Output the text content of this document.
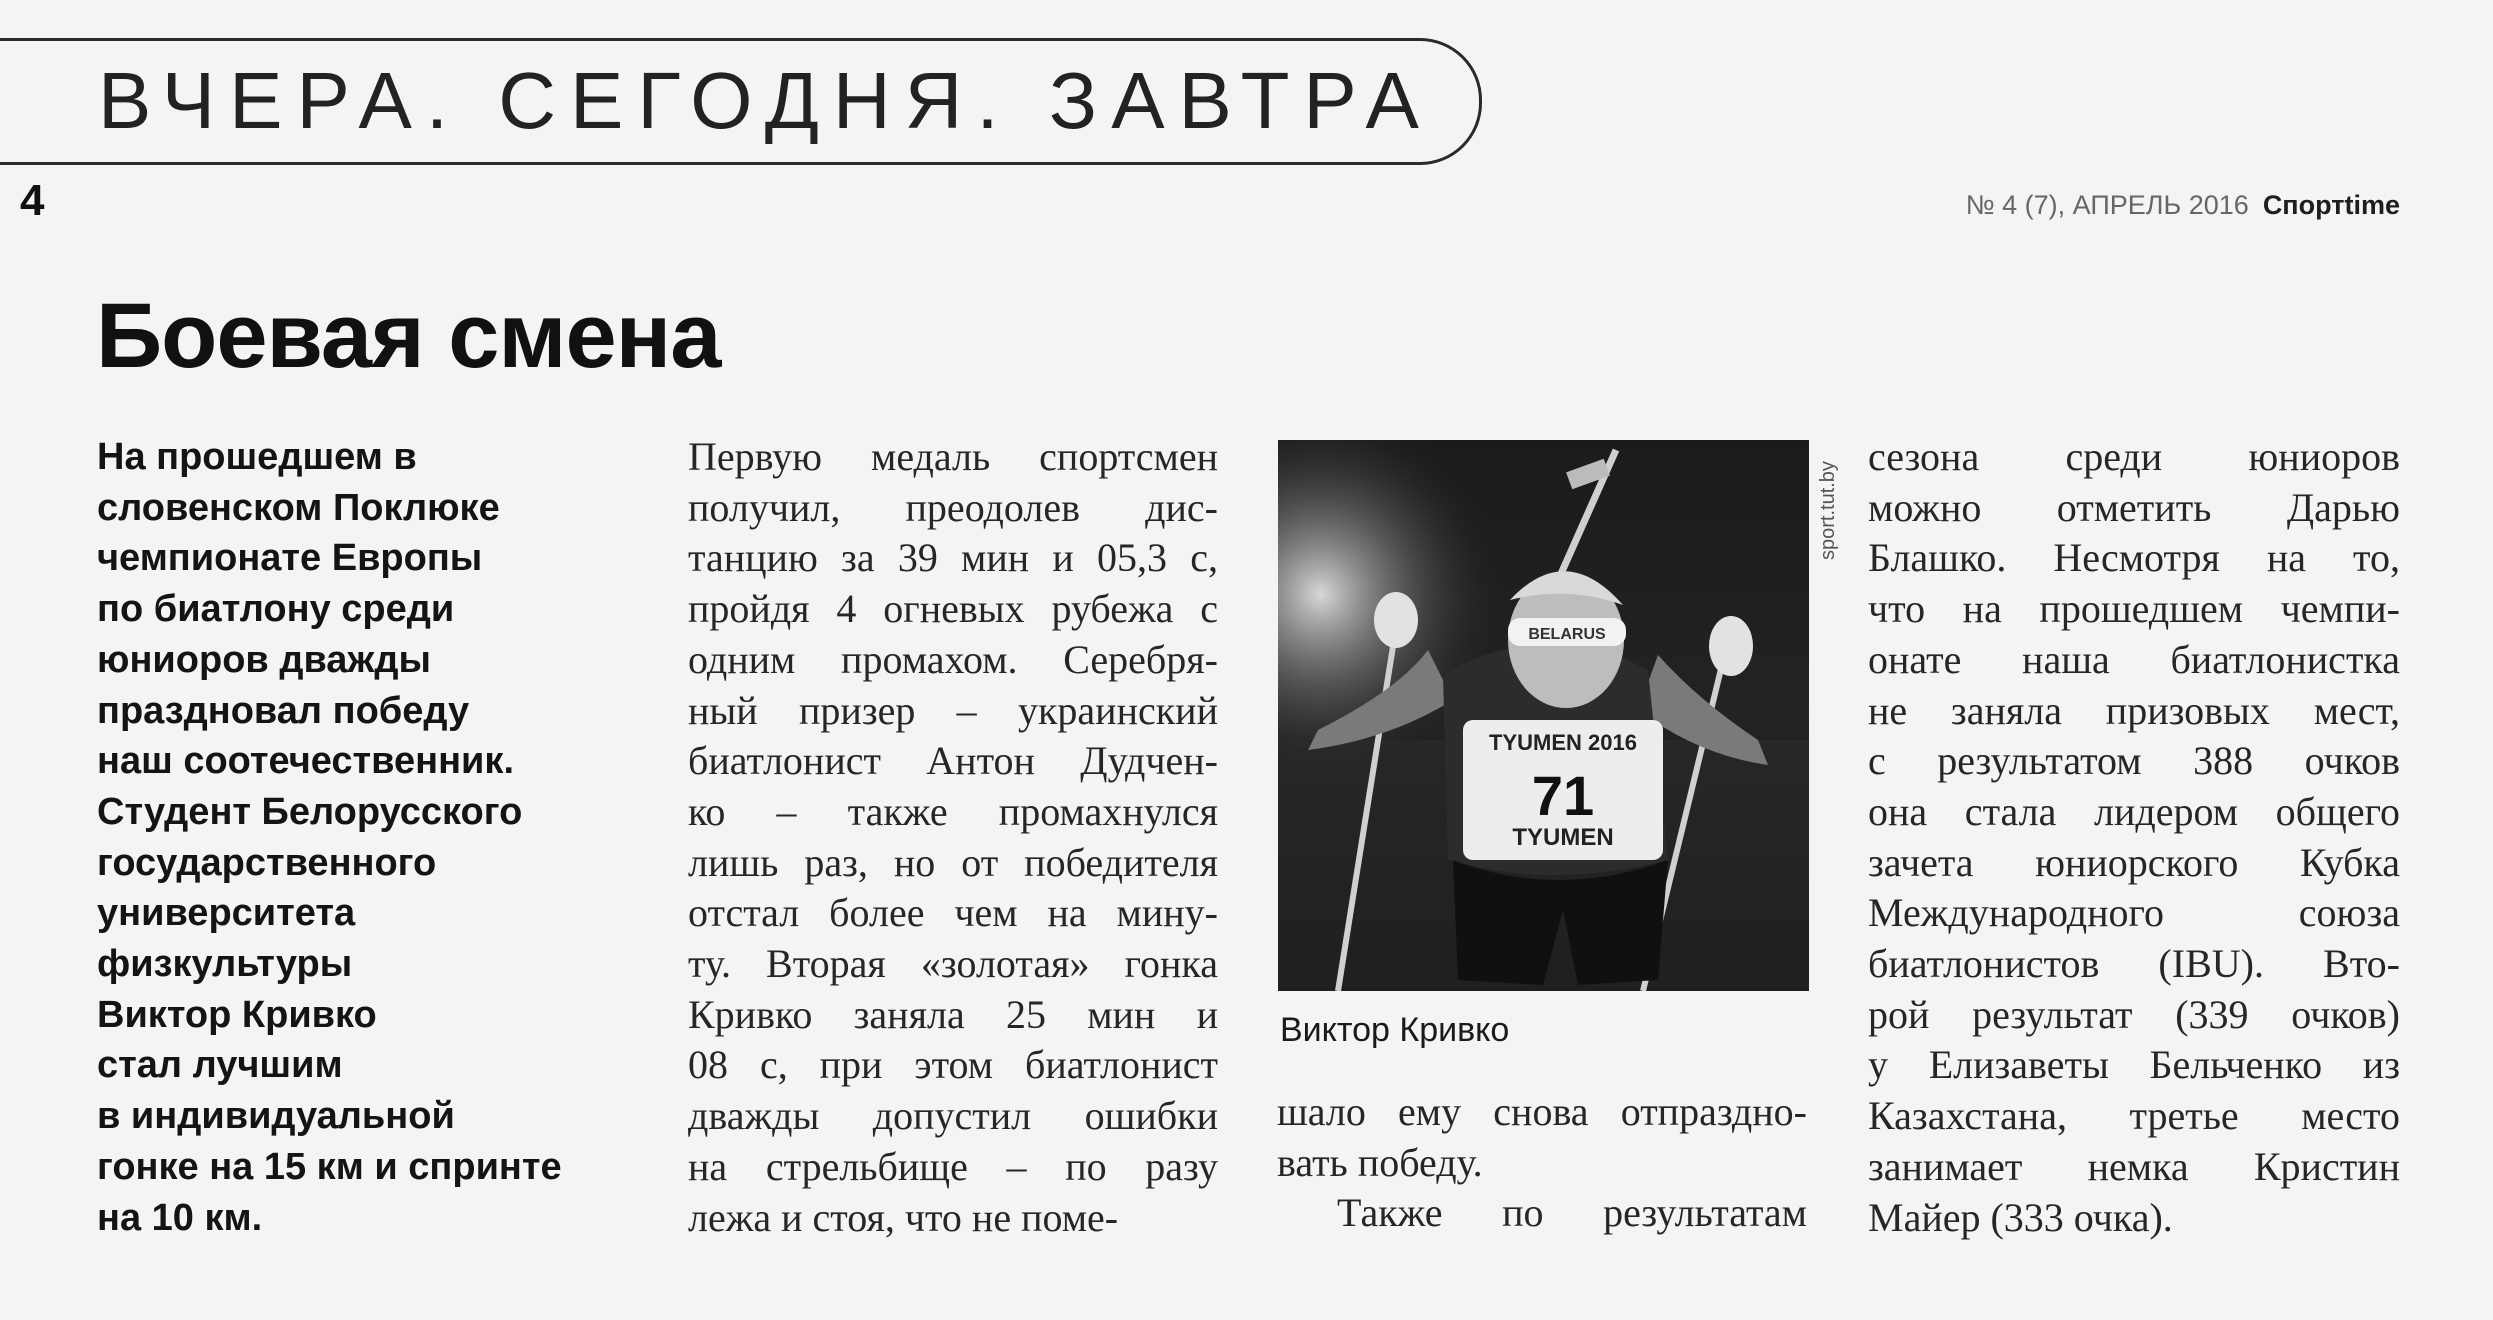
ВЧЕРА. СЕГОДНЯ. ЗАВТРА
4	№ 4 (7), АПРЕЛЬ 2016 Спортtime
Боевая смена

На прошедшем в

словенском Поклюке

чемпионате Европы

по биатлону среди

юниоров дважды

праздновал победу

наш соотечественник.

Студент Белорусского

государственного

университета

физкультуры

Виктор Кривко

стал лучшим

в индивидуальной

гонке на 15 км и спринте

на 10 км.

Первую медаль спортсмен

получил, преодолев дис-

танцию за 39 мин и 05,3 с,

пройдя 4 огневых рубежа с

одним промахом. Серебря-

ный призер – украинский

биатлонист Антон Дудчен-

ко – также промахнулся

лишь раз, но от победителя

отстал более чем на мину-

ту. Вторая «золотая» гонка

Кривко заняла 25 мин и

08 с, при этом биатлонист

дважды допустил ошибки

на стрельбище – по разу

лежа и стоя, что не поме-

TYUMEN 2016
71
TYUMEN
BELARUS
sport.tut.by
Виктор Кривко

шало ему снова отпраздно-

вать победу.

Также по результатам

сезона среди юниоров

можно отметить Дарью

Блашко. Несмотря на то,

что на прошедшем чемпи-

онате наша биатлонистка

не заняла призовых мест,

с результатом 388 очков

она стала лидером общего

зачета юниорского Кубка

Международного союза

биатлонистов (IBU). Вто-

рой результат (339 очков)

у Елизаветы Бельченко из

Казахстана, третье место

занимает немка Кристин

Майер (333 очка).
